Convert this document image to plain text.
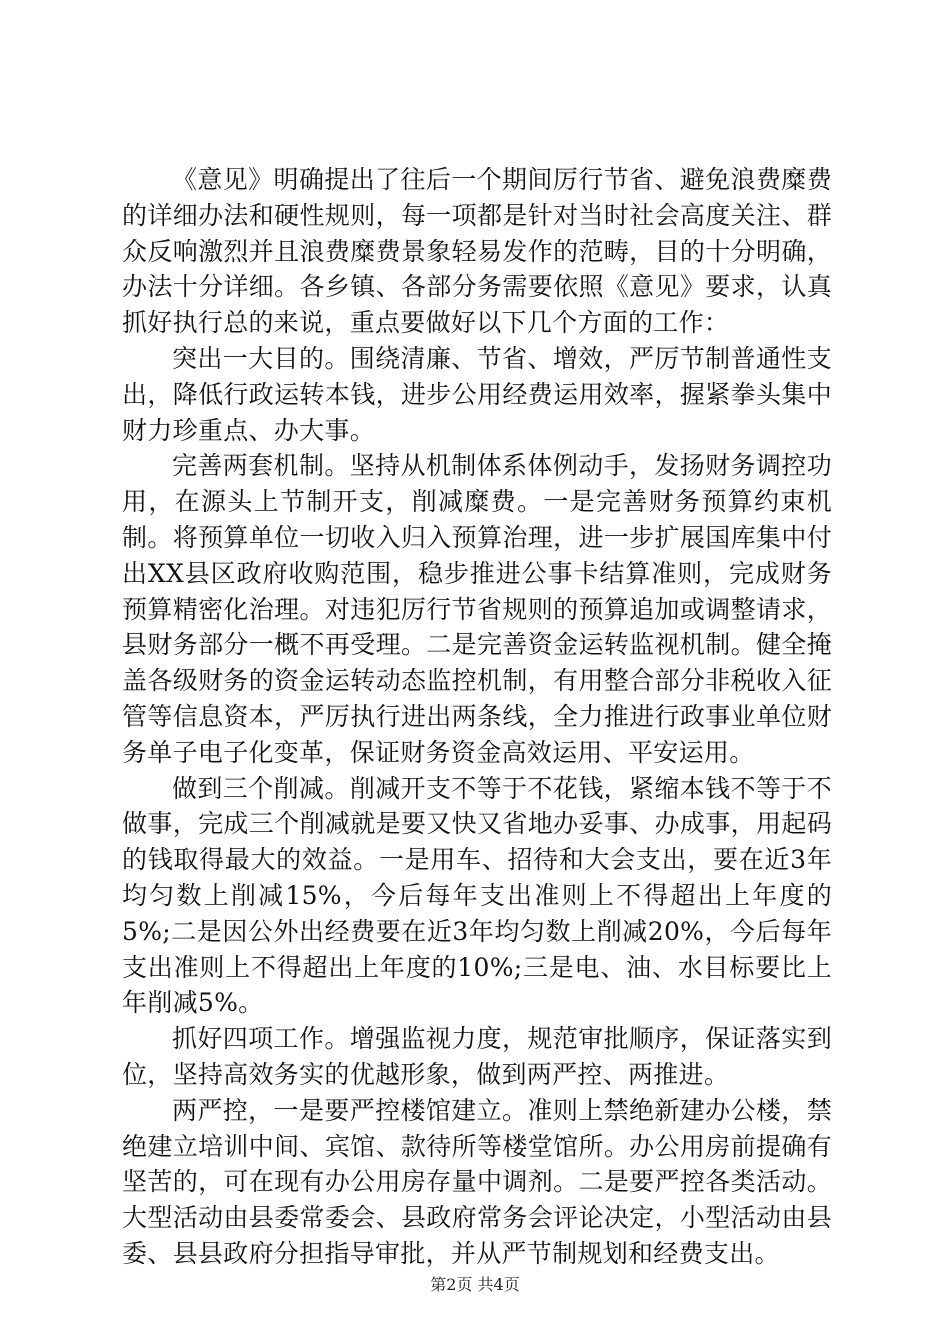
《意见》明确提出了往后一个期间厉行节省、避免浪费糜费的详细办法和硬性规则，每一项都是针对当时社会高度关注、群众反响激烈并且浪费糜费景象轻易发作的范畴，目的十分明确，办法十分详细。各乡镇、各部分务需要依照《意见》要求，认真抓好执行总的来说，重点要做好以下几个方面的工作：

突出一大目的。围绕清廉、节省、增效，严厉节制普通性支出，降低行政运转本钱，进步公用经费运用效率，握紧拳头集中财力珍重点、办大事。

完善两套机制。坚持从机制体系体例动手，发扬财务调控功用，在源头上节制开支，削减糜费。一是完善财务预算约束机制。将预算单位一切收入归入预算治理，进一步扩展国库集中付出XX县区政府收购范围，稳步推进公事卡结算准则，完成财务预算精密化治理。对违犯厉行节省规则的预算追加或调整请求，县财务部分一概不再受理。二是完善资金运转监视机制。健全掩盖各级财务的资金运转动态监控机制，有用整合部分非税收入征管等信息资本，严厉执行进出两条线，全力推进行政事业单位财务单子电子化变革，保证财务资金高效运用、平安运用。

做到三个削减。削减开支不等于不花钱，紧缩本钱不等于不做事，完成三个削减就是要又快又省地办妥事、办成事，用起码的钱取得最大的效益。一是用车、招待和大会支出，要在近3年均匀数上削减15%，今后每年支出准则上不得超出上年度的5%;二是因公外出经费要在近3年均匀数上削减20%，今后每年支出准则上不得超出上年度的10%;三是电、油、水目标要比上年削减5%。

抓好四项工作。增强监视力度，规范审批顺序，保证落实到位，坚持高效务实的优越形象，做到两严控、两推进。

两严控，一是要严控楼馆建立。准则上禁绝新建办公楼，禁绝建立培训中间、宾馆、款待所等楼堂馆所。办公用房前提确有坚苦的，可在现有办公用房存量中调剂。二是要严控各类活动。大型活动由县委常委会、县政府常务会评论决定，小型活动由县委、县县政府分担指导审批，并从严节制规划和经费支出。

第2页 共4页
